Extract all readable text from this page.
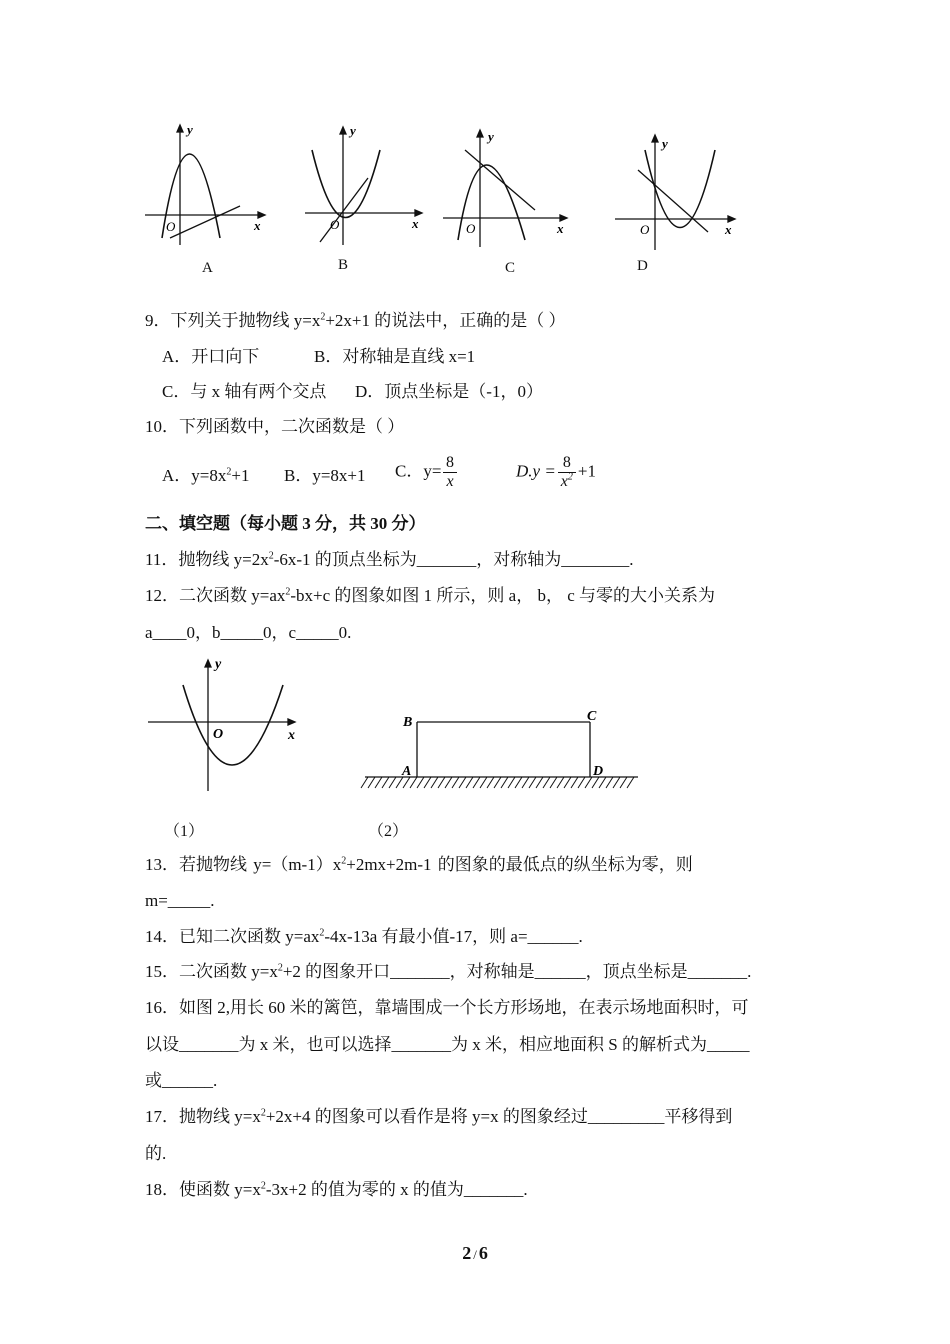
y
x
O
A
y
x
O
B
y
x
O
C
y
x
O
D
9．下列关于抛物线 $y=x^2+2x+1$ 的说法中，正确的是（ ）
A．开口向下	B．对称轴是直线 x=1
C．与 x 轴有两个交点 D．顶点坐标是（-1，0）
10．下列函数中，二次函数是（ ）
A．$y=8x^2+1$ B．y=8x+1 C．$y= \frac{8}{x}$	$D.y = \frac{8}{x^2} +1$
二、填空题（每小题 3 分，共 30 分）
11．抛物线 $y=2x^2-6x-1$ 的顶点坐标为_______，对称轴为________.
12．二次函数 $y=ax^2-bx+c$ 的图象如图 1 所示，则 a， b， c 与零的大小关系为
a____0，b_____0，c_____0.
y
x
O
（1）
B	C
A	D
（2）
13．若抛物线 $y=(m-1)x^2+2mx+2m-1$ 的图象的最低点的纵坐标为零，则
m=_____.
14．已知二次函数 $y=ax^2-4x-13a$ 有最小值-17，则 a=______.
15．二次函数 $y=x^2+2$ 的图象开口_______，对称轴是______，顶点坐标是_______.
16．如图 2,用长 60 米的篱笆，靠墙围成一个长方形场地，在表示场地面积时，可
以设_______为 x 米，也可以选择_______为 x 米，相应地面积 S 的解析式为_____
或______.
17．抛物线 $y=x^2+2x+4$ 的图象可以看作是将 y=x 的图象经过_________平移得到
的.
18．使函数 $y=x^2-3x+2$ 的值为零的 x 的值为_______.
2 / 6
